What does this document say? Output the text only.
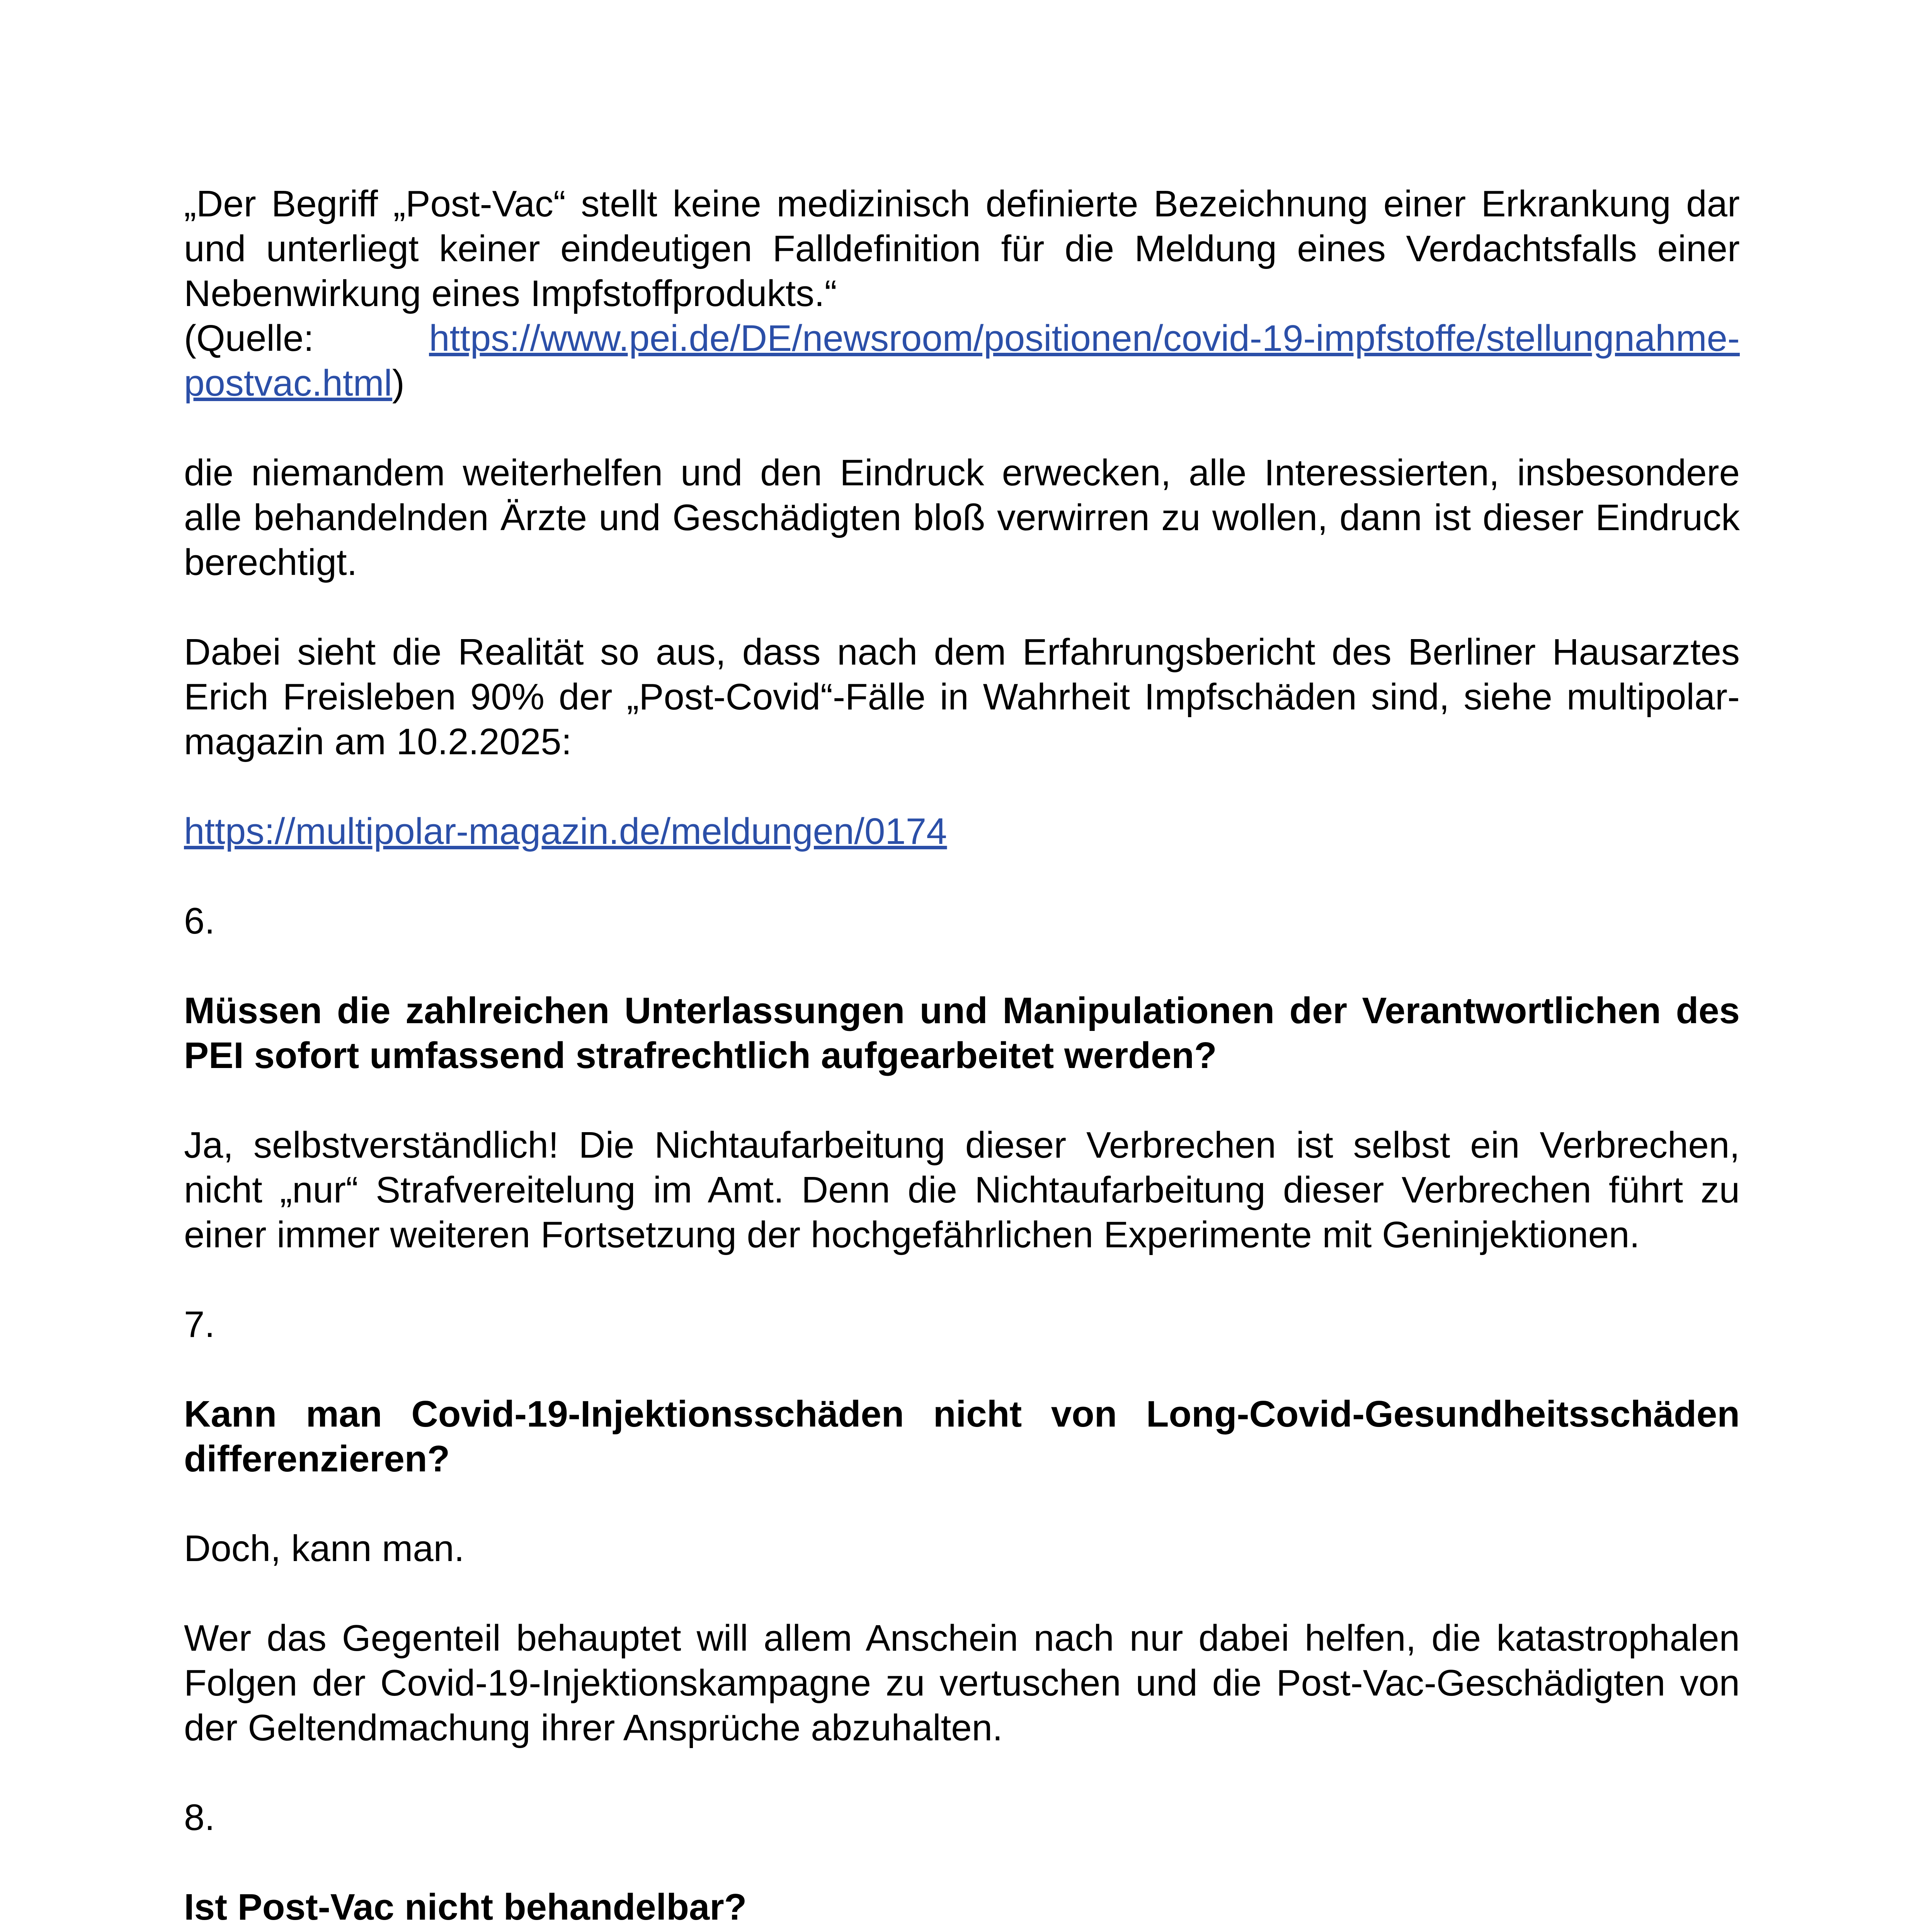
„Der Begriff „Post-Vac“ stellt keine medizinisch definierte Bezeichnung einer Erkrankung dar und unterliegt keiner eindeutigen Falldefinition für die Meldung eines Verdachtsfalls einer Nebenwirkung eines Impfstoffprodukts.“

(Quelle:	https://www.pei.de/DE/newsroom/positionen/covid-19-impfstoffe/stellungnahme-

postvac.html)

die niemandem weiterhelfen und den Eindruck erwecken, alle Interessierten, insbesondere alle behandelnden Ärzte und Geschädigten bloß verwirren zu wollen, dann ist dieser Eindruck berechtigt.

Dabei sieht die Realität so aus, dass nach dem Erfahrungsbericht des Berliner Hausarztes Erich Freisleben 90% der „Post-Covid“-Fälle in Wahrheit Impfschäden sind, siehe multipolar-magazin am 10.2.2025:

https://multipolar-magazin.de/meldungen/0174

6.

Müssen die zahlreichen Unterlassungen und Manipulationen der Verantwortlichen des PEI sofort umfassend strafrechtlich aufgearbeitet werden?

Ja, selbstverständlich! Die Nichtaufarbeitung dieser Verbrechen ist selbst ein Verbrechen, nicht „nur“ Strafvereitelung im Amt. Denn die Nichtaufarbeitung dieser Verbrechen führt zu einer immer weiteren Fortsetzung der hochgefährlichen Experimente mit Geninjektionen.

7.

Kann man Covid-19-Injektionsschäden nicht von Long-Covid-Gesundheitsschäden differenzieren?

Doch, kann man.

Wer das Gegenteil behauptet will allem Anschein nach nur dabei helfen, die katastrophalen Folgen der Covid-19-Injektionskampagne zu vertuschen und die Post-Vac-Geschädigten von der Geltendmachung ihrer Ansprüche abzuhalten.

8.

Ist Post-Vac nicht behandelbar?
